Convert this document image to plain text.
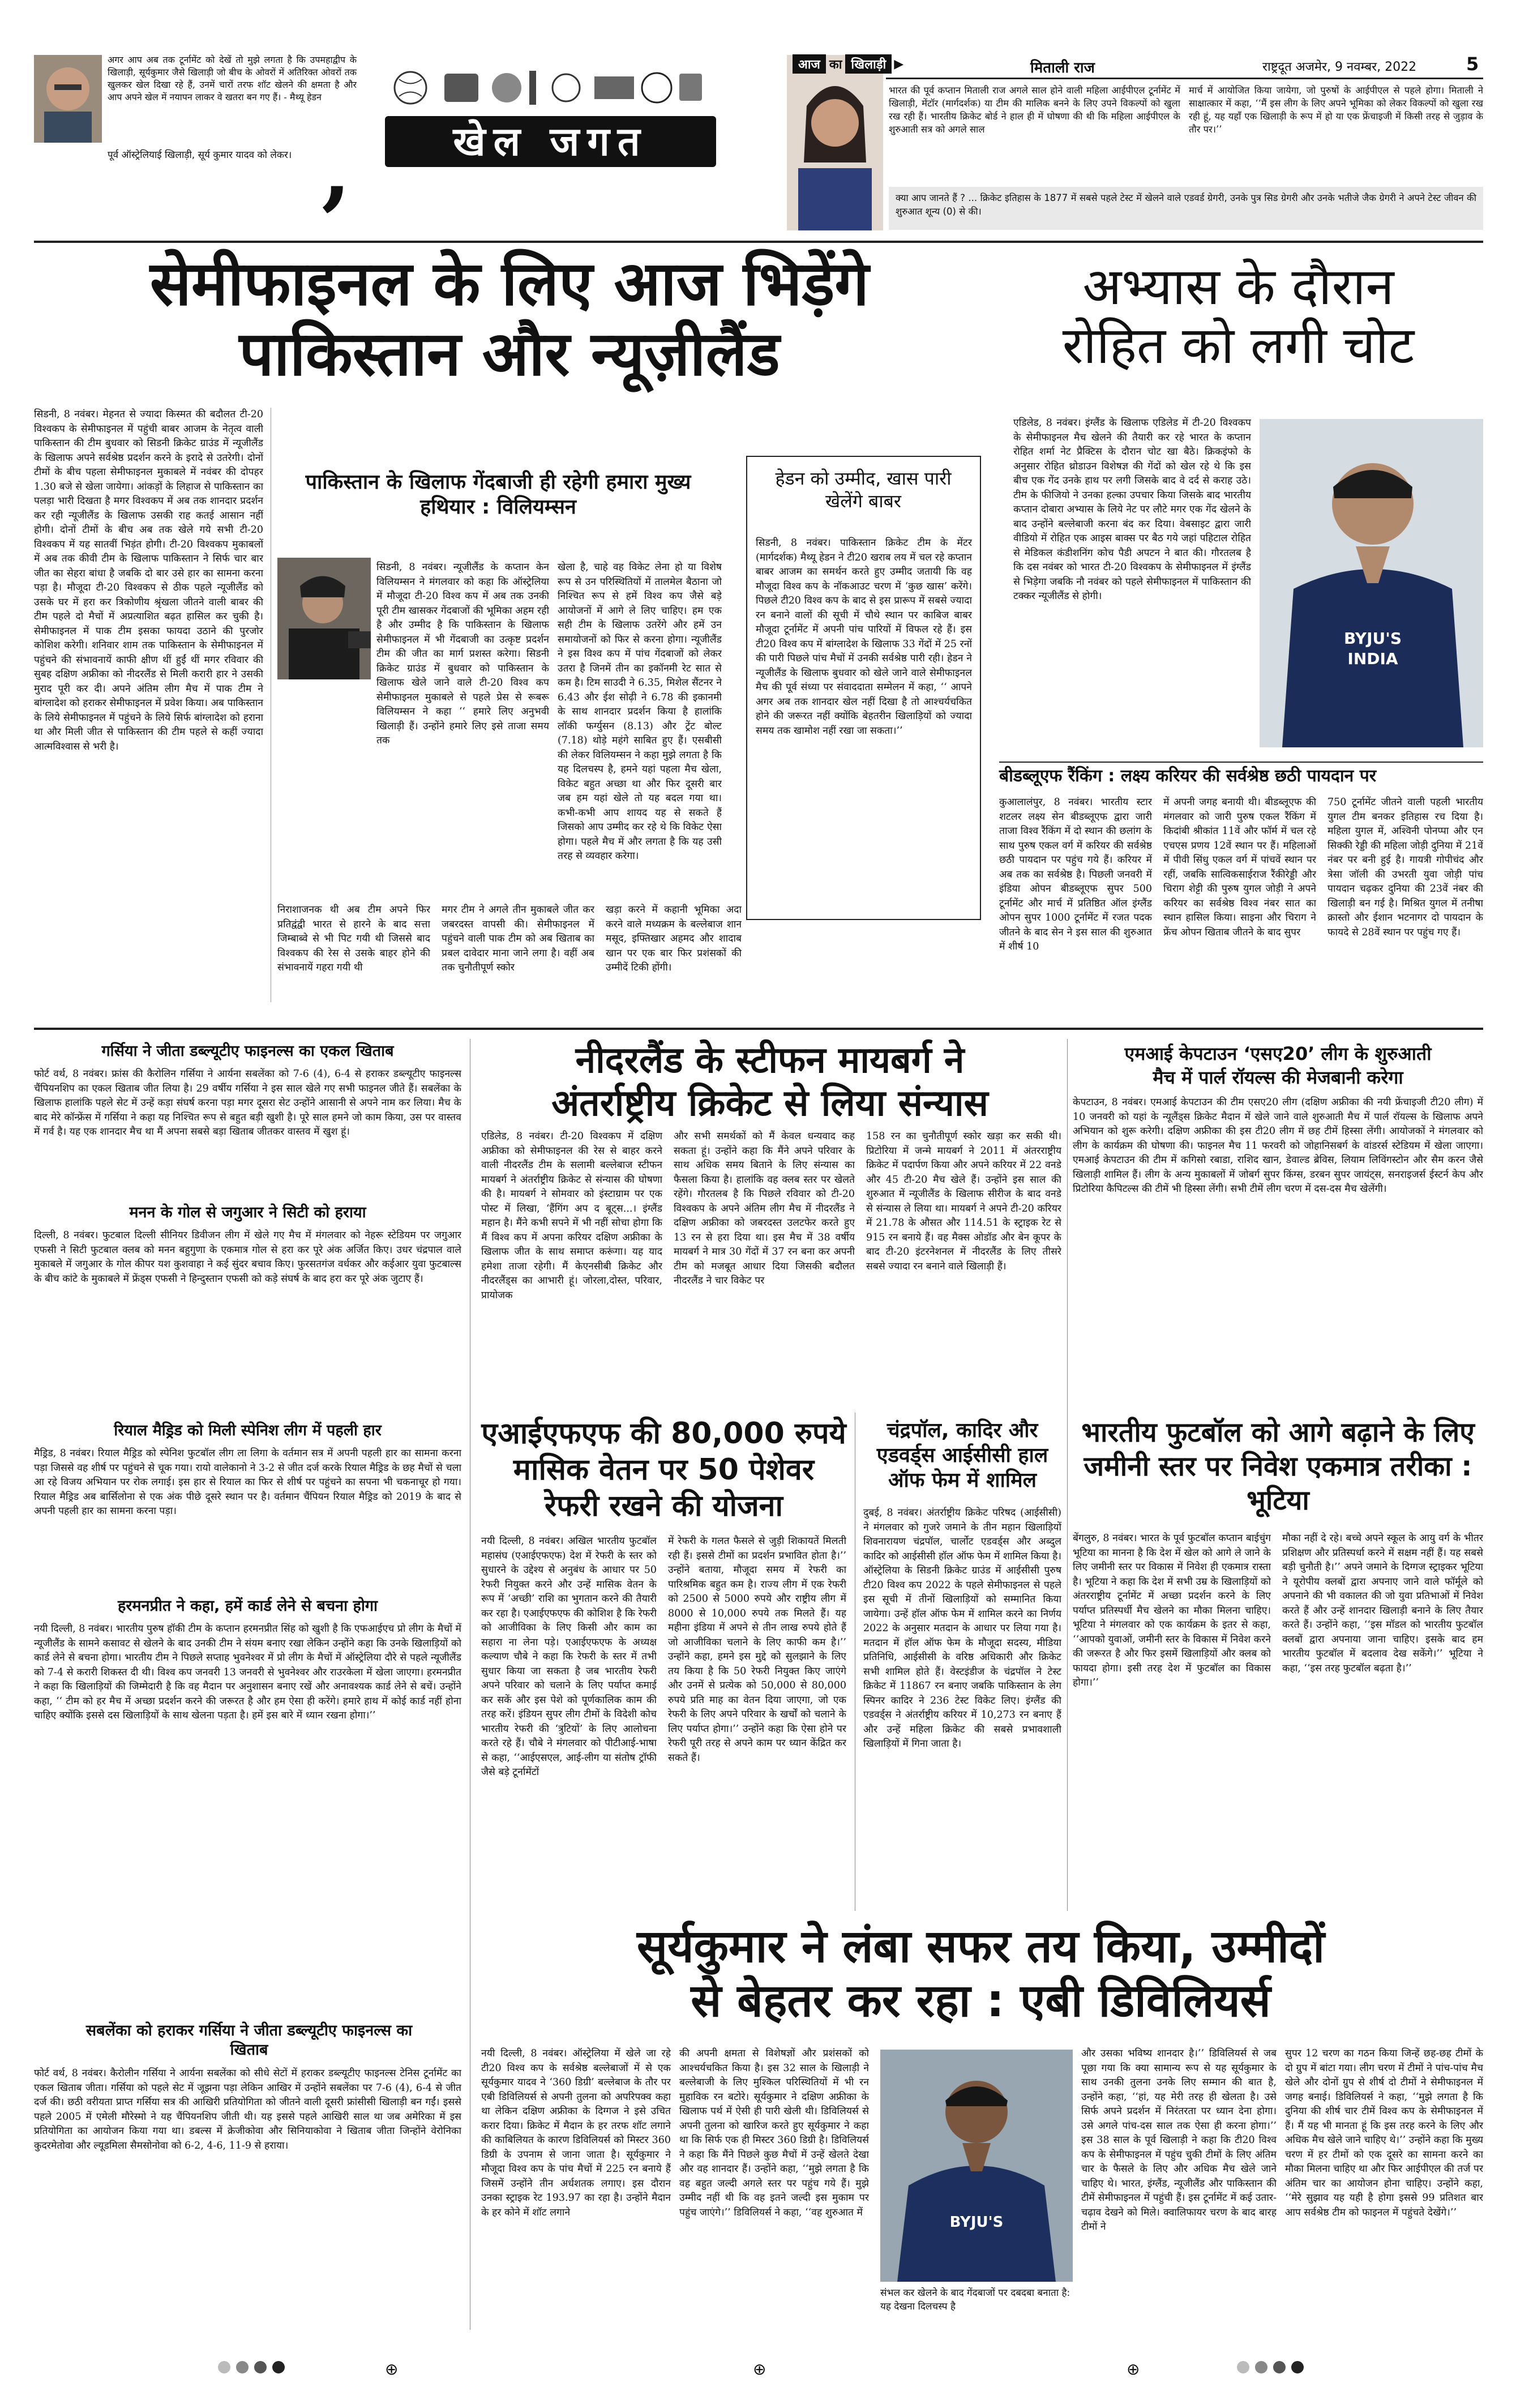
अगर आप अब तक टूर्नामेंट को देखें तो मुझे लगता है कि उपमहाद्वीप के खिलाड़ी, सूर्यकुमार जैसे खिलाड़ी जो बीच के ओवरों में अतिरिक्त ओवरों तक खुलकर खेल दिखा रहे हैं, उनमें चारों तरफ शॉट खेलने की क्षमता है और आप अपने खेल में नयापन लाकर वे खतरा बन गए हैं। - मैथ्यू हेडन
,
पूर्व ऑस्ट्रेलियाई खिलाड़ी, सूर्य कुमार यादव को लेकर।	खेल जगत
आज का खिलाड़ी ▶	मिताली राज	राष्ट्रदूत अजमेर, 9 नवम्बर, 2022	5
भारत की पूर्व कप्तान मिताली राज अगले साल होने वाली महिला आईपीएल टूर्नामेंट में खिलाड़ी, मेंटॉर (मार्गदर्शक) या टीम की मालिक बनने के लिए उपने विकल्पों को खुला रख रही हैं। भारतीय क्रिकेट बोर्ड ने हाल ही में घोषणा की थी कि महिला आईपीएल के शुरुआती सत्र को अगले साल
मार्च में आयोजित किया जायेगा, जो पुरुषों के आईपीएल से पहले होगा। मिताली ने साक्षात्कार में कहा, ‘‘मैं इस लीग के लिए अपने भूमिका को लेकर विकल्पों को खुला रख रही हूं, यह यहाँ एक खिलाड़ी के रूप में हो या एक फ्रेंचाइजी में किसी तरह से जुड़ाव के तौर पर।’’
क्या आप जानते हैं ? ... क्रिकेट इतिहास के 1877 में सबसे पहले टेस्ट में खेलने वाले एडवर्ड ग्रेगरी, उनके पुत्र सिड ग्रेगरी और उनके भतीजे जैक ग्रेगरी ने अपने टेस्ट जीवन की शुरुआत शून्य (0) से की।
सेमीफाइनल के लिए आज भिड़ेंगे
पाकिस्तान और न्यूज़ीलैंड
सिडनी, 8 नवंबर। मेहनत से ज्यादा किस्मत की बदौलत टी-20 विश्वकप के सेमीफाइनल में पहुंची बाबर आजम के नेतृत्व वाली पाकिस्तान की टीम बुधवार को सिडनी क्रिकेट ग्राउंड में न्यूजीलैंड के खिलाफ अपने सर्वश्रेष्ठ प्रदर्शन करने के इरादे से उतरेगी। दोनों टीमों के बीच पहला सेमीफाइनल मुकाबले में नवंबर की दोपहर 1.30 बजे से खेला जायेगा। आंकड़ों के लिहाज से पाकिस्तान का पलड़ा भारी दिखता है मगर विश्वकप में अब तक शानदार प्रदर्शन कर रही न्यूजीलैंड के खिलाफ उसकी राह कतई आसान नहीं होगी। दोनों टीमों के बीच अब तक खेले गये सभी टी-20 विश्वकप में यह सातवीं भिड़ंत होगी। टी-20 विश्वकप मुकाबलों में अब तक कीवी टीम के खिलाफ पाकिस्तान ने सिर्फ चार बार जीत का सेहरा बांधा है जबकि दो बार उसे हार का सामना करना पड़ा है। मौजूदा टी-20 विश्वकप से ठीक पहले न्यूजीलैंड को उसके घर में हरा कर त्रिकोणीय श्रृंखला जीतने वाली बाबर की टीम पहले दो मैचों में अप्रत्याशित बढ़त हासिल कर चुकी है। सेमीफाइनल में पाक टीम इसका फायदा उठाने की पुरजोर कोशिश करेगी। शनिवार शाम तक पाकिस्तान के सेमीफाइनल में पहुंचने की संभावनायें काफी क्षीण थीं हुईं थीं मगर रविवार की सुबह दक्षिण अफ्रीका को नीदरलैंड से मिली करारी हार ने उसकी मुराद पूरी कर दी। अपने अंतिम लीग मैच में पाक टीम ने बांग्लादेश को हराकर सेमीफाइनल में प्रवेश किया। अब पाकिस्तान के लिये सेमीफाइनल में पहुंचने के लिये सिर्फ बांग्लादेश को हराना था और मिली जीत से पाकिस्तान की टीम पहले से कहीं ज्यादा आत्मविश्वास से भरी है।
पाकिस्तान के खिलाफ गेंदबाजी ही रहेगी हमारा मुख्य हथियार : विलियम्सन
सिडनी, 8 नवंबर। न्यूजीलैंड के कप्तान केन विलियम्सन ने मंगलवार को कहा कि ऑस्ट्रेलिया में मौजूदा टी-20 विश्व कप में अब तक उनकी पूरी टीम खासकर गेंदबाजों की भूमिका अहम रही है और उम्मीद है कि पाकिस्तान के खिलाफ सेमीफाइनल में भी गेंदबाजी का उत्कृष्ट प्रदर्शन टीम की जीत का मार्ग प्रशस्त करेगा। सिडनी क्रिकेट ग्राउंड में बुधवार को पाकिस्तान के खिलाफ खेले जाने वाले टी-20 विश्व कप सेमीफाइनल मुकाबले से पहले प्रेस से रूबरू विलियम्सन ने कहा ‘‘ हमारे लिए अनुभवी खिलाड़ी हैं। उन्होंने हमारे लिए इसे ताजा समय तक
खेला है, चाहे वह विकेट लेना हो या विशेष रूप से उन परिस्थितियों में तालमेल बैठाना जो निश्चित रूप से हमें विश्व कप जैसे बड़े आयोजनों में आगे ले लिए चाहिए। हम एक सही टीम के खिलाफ उतरेंगे और हमें उन समायोजनों को फिर से करना होगा। न्यूजीलैंड ने इस विश्व कप में पांच गेंदबाजों को लेकर उतरा है जिनमें तीन का इकॉनमी रेट सात से कम है। टिम साउदी ने 6.35, मिशेल सैंटनर ने 6.43 और ईश सोढ़ी ने 6.78 की इकानमी के साथ शानदार प्रदर्शन किया है हालांकि लॉकी फर्ग्युसन (8.13) और ट्रेंट बोल्ट (7.18) थोड़े महंगे साबित हुए हैं। एसबीसी की लेकर विलियम्सन ने कहा मुझे लगता है कि यह दिलचस्प है, हमने यहां पहला मैच खेला, विकेट बहुत अच्छा था और फिर दूसरी बार जब हम यहां खेले तो यह बदल गया था। कभी-कभी आप शायद यह से सकते हैं जिसको आप उम्मीद कर रहे थे कि विकेट ऐसा होगा। पहले मैच में और लगता है कि यह उसी तरह से व्यवहार करेगा।
हेडन को उम्मीद, खास पारी खेलेंगे बाबर
सिडनी, 8 नवंबर। पाकिस्तान क्रिकेट टीम के मेंटर (मार्गदर्शक) मैथ्यू हेडन ने टी20 खराब लय में चल रहे कप्तान बाबर आजम का समर्थन करते हुए उम्मीद जतायी कि वह मौजूदा विश्व कप के नॉकआउट चरण में ‘कुछ खास’ करेंगे। पिछले टी20 विश्व कप के बाद से इस प्रारूप में सबसे ज्यादा रन बनाने वालों की सूची में चौथे स्थान पर काबिज बाबर मौजूदा टूर्नामेंट में अपनी पांच पारियों में विफल रहे हैं। इस टी20 विश्व कप में बांग्लादेश के खिलाफ 33 गेंदों में 25 रनों की पारी पिछले पांच मैचों में उनकी सर्वश्रेष्ठ पारी रही। हेडन ने न्यूजीलैंड के खिलाफ बुधवार को खेले जाने वाले सेमीफाइनल मैच की पूर्व संध्या पर संवाददाता सम्मेलन में कहा, ‘‘ आपने अगर अब तक शानदार खेल नहीं दिखा है तो आश्चर्यचकित होने की जरूरत नहीं क्योंकि बेहतरीन खिलाड़ियों को ज्यादा समय तक खामोश नहीं रखा जा सकता।’’
निराशाजनक थी अब टीम अपने फिर प्रतिद्वंद्वी भारत से हारने के बाद सत्ता जिम्बाब्वे से भी पिट गयी थी जिससे बाद विश्वकप की रेस से उसके बाहर होने की संभावनायें गहरा गयी थी
मगर टीम ने अगले तीन मुकाबले जीत कर जबरदस्त वापसी की। सेमीफाइनल में पहुंचने वाली पाक टीम को अब खिताब का प्रबल दावेदार माना जाने लगा है। वहीं अब तक चुनौतीपूर्ण स्कोर
खड़ा करने में कहानी भूमिका अदा करने वाले मध्यक्रम के बल्लेबाज शान मसूद, इफ्तिखार अहमद और शादाब खान पर एक बार फिर प्रशंसकों की उम्मीदें टिकी होंगी।
अभ्यास के दौरान
रोहित को लगी चोट
एडिलेड, 8 नवंबर। इंग्लैंड के खिलाफ एडिलेड में टी-20 विश्वकप के सेमीफाइनल मैच खेलने की तैयारी कर रहे भारत के कप्तान रोहित शर्मा नेट प्रैक्टिस के दौरान चोट खा बैठे। क्रिकइंफो के अनुसार रोहित थ्रोडाउन विशेषज्ञ की गेंदों को खेल रहे थे कि इस बीच एक गेंद उनके हाथ पर लगी जिसके बाद वे दर्द से कराह उठे। टीम के फीजियो ने उनका हल्का उपचार किया जिसके बाद भारतीय कप्तान दोबारा अभ्यास के लिये नेट पर लौटे मगर एक गेंद खेलने के बाद उन्होंने बल्लेबाजी करना बंद कर दिया। वेबसाइट द्वारा जारी वीडियो में रोहित एक आइस बाक्स पर बैठ गये जहां पहिटाल रोहित से मेडिकल कंडीशनिंग कोच पैडी अपटन ने बात की। गौरतलब है कि दस नवंबर को भारत टी-20 विश्वकप के सेमीफाइनल में इंग्लैंड से भिड़ेगा जबकि नौ नवंबर को पहले सेमीफाइनल में पाकिस्तान की टक्कर न्यूजीलैंड से होगी।
BYJU'S INDIA
बीडब्लूएफ रैंकिंग : लक्ष्य करियर की सर्वश्रेष्ठ छठी पायदान पर
कुआलालंपुर, 8 नवंबर। भारतीय स्टार शटलर लक्ष्य सेन बीडब्लूएफ द्वारा जारी ताजा विश्व रैंकिंग में दो स्थान की छलांग के साथ पुरुष एकल वर्ग में करियर की सर्वश्रेष्ठ छठी पायदान पर पहुंच गये हैं। करियर में अब तक का सर्वश्रेष्ठ है। पिछली जनवरी में इंडिया ओपन बीडब्लूएफ सुपर 500 टूर्नामेंट और मार्च में प्रतिष्ठित ऑल इंग्लैंड ओपन सुपर 1000 टूर्नामेंट में रजत पदक जीतने के बाद सेन ने इस साल की शुरुआत में शीर्ष 10
में अपनी जगह बनायी थी। बीडब्लूएफ की मंगलवार को जारी पुरुष एकल रैंकिंग में किदांबी श्रीकांत 11वें और फॉर्म में चल रहे एचएस प्रणय 12वें स्थान पर हैं। महिलाओं में पीवी सिंधु एकल वर्ग में पांचवें स्थान पर रहीं, जबकि सात्विकसाईराज रैंकीरेड्डी और चिराग शेट्टी की पुरुष युगल जोड़ी ने अपने करियर का सर्वश्रेष्ठ विश्व नंबर सात का स्थान हासिल किया। साइना और चिराग ने फ्रेंच ओपन खिताब जीतने के बाद सुपर
750 टूर्नामेंट जीतने वाली पहली भारतीय युगल टीम बनकर इतिहास रच दिया है। महिला युगल में, अश्विनी पोनप्पा और एन सिक्की रेड्डी की महिला जोड़ी दुनिया में 21वें नंबर पर बनी हुई है। गायत्री गोपीचंद और त्रेसा जॉली की उभरती युवा जोड़ी पांच पायदान चढ़कर दुनिया की 23वें नंबर की खिलाड़ी बन गई है। मिश्रित युगल में तनीषा क्रास्तो और ईशान भटनागर दो पायदान के फायदे से 28वें स्थान पर पहुंच गए हैं।
गर्सिया ने जीता डब्ल्यूटीए फाइनल्स का एकल खिताब
फोर्ट वर्थ, 8 नवंबर। फ्रांस की कैरोलिन गर्सिया ने आर्यना सबलेंका को 7-6 (4), 6-4 से हराकर डब्ल्यूटीए फाइनल्स चैंपियनशिप का एकल खिताब जीत लिया है। 29 वर्षीय गर्सिया ने इस साल खेले गए सभी फाइनल जीते हैं। सबलेंका के खिलाफ हालांकि पहले सेट में उन्हें कड़ा संघर्ष करना पड़ा मगर दूसरा सेट उन्होंने आसानी से अपने नाम कर लिया। मैच के बाद मेरे कॉन्फ्रेंस में गर्सिया ने कहा यह निश्चित रूप से बहुत बड़ी खुशी है। पूरे साल हमने जो काम किया, उस पर वास्तव में गर्व है। यह एक शानदार मैच था मैं अपना सबसे बड़ा खिताब जीतकर वास्तव में खुश हूं।
मनन के गोल से जगुआर ने सिटी को हराया
दिल्ली, 8 नवंबर। फुटबाल दिल्ली सीनियर डिवीजन लीग में खेले गए मैच में मंगलवार को नेहरू स्टेडियम पर जगुआर एफसी ने सिटी फुटबाल क्लब को मनन बहुगुणा के एकमात्र गोल से हरा कर पूरे अंक अर्जित किए। उधर चंद्रपाल वाले मुकाबले में जगुआर के गोल कीपर यश कुशवाहा ने कई सुंदर बचाव किए। फुरसतगंज वर्धकर और कईआर युवा फुटबाल्स के बीच कांटे के मुकाबले में फ्रेंड्स एफसी ने हिन्दुस्तान एफसी को कड़े संघर्ष के बाद हरा कर पूरे अंक जुटाए हैं।
रियाल मैड्रिड को मिली स्पेनिश लीग में पहली हार
मैड्रिड, 8 नवंबर। रियाल मैड्रिड को स्पेनिश फुटबॉल लीग ला लिगा के वर्तमान सत्र में अपनी पहली हार का सामना करना पड़ा जिससे वह शीर्ष पर पहुंचने से चूक गया। रायो वालेकानो ने 3-2 से जीत दर्ज करके रियाल मैड्रिड के छह मैचों से चला आ रहे विजय अभियान पर रोक लगाई। इस हार से रियाल का फिर से शीर्ष पर पहुंचने का सपना भी चकनाचूर हो गया। रियाल मैड्रिड अब बार्सिलोना से एक अंक पीछे दूसरे स्थान पर है। वर्तमान चैंपियन रियाल मैड्रिड को 2019 के बाद से अपनी पहली हार का सामना करना पड़ा।
हरमनप्रीत ने कहा, हमें कार्ड लेने से बचना होगा
नयी दिल्ली, 8 नवंबर। भारतीय पुरुष हॉकी टीम के कप्तान हरमनप्रीत सिंह को खुशी है कि एफआईएच प्रो लीग के मैचों में न्यूजीलैंड के सामने कसावट से खेलने के बाद उनकी टीम ने संयम बनाए रखा लेकिन उन्होंने कहा कि उनके खिलाड़ियों को कार्ड लेने से बचना होगा। भारतीय टीम ने पिछले सप्ताह भुवनेश्वर में प्रो लीग के मैचों में ऑस्ट्रेलिया दौरे से पहले न्यूजीलैंड को 7-4 से करारी शिकस्त दी थी। विश्व कप जनवरी 13 जनवरी से भुवनेश्वर और राउरकेला में खेला जाएगा। हरमनप्रीत ने कहा कि खिलाड़ियों की जिम्मेदारी है कि वह मैदान पर अनुशासन बनाए रखें और अनावश्यक कार्ड लेने से बचें। उन्होंने कहा, ‘‘ टीम को हर मैच में अच्छा प्रदर्शन करने की जरूरत है और हम ऐसा ही करेंगे। हमारे हाथ में कोई कार्ड नहीं होना चाहिए क्योंकि इससे दस खिलाड़ियों के साथ खेलना पड़ता है। हमें इस बारे में ध्यान रखना होगा।’’
सबलेंका को हराकर गर्सिया ने जीता डब्ल्यूटीए फाइनल्स का खिताब
फोर्ट वर्थ, 8 नवंबर। कैरोलीन गर्सिया ने आर्यना सबलेंका को सीधे सेटों में हराकर डब्ल्यूटीए फाइनल्स टेनिस टूर्नामेंट का एकल खिताब जीता। गर्सिया को पहले सेट में जूझना पड़ा लेकिन आखिर में उन्होंने सबलेंका पर 7-6 (4), 6-4 से जीत दर्ज की। छठी वरीयता प्राप्त गर्सिया सत्र की आखिरी प्रतियोगिता को जीतने वाली दूसरी फ्रांसीसी खिलाड़ी बन गईं। इससे पहले 2005 में एमेली मौरेस्मो ने यह चैंपियनशिप जीती थी। यह इससे पहले आखिरी साल था जब अमेरिका में इस प्रतियोगिता का आयोजन किया गया था। डबल्स में क्रेजीकोवा और सिनियाकोवा ने खिताब जीता जिन्होंने वेरोनिका कुदरमेतोवा और ल्यूडमिला सैमसोनोवा को 6-2, 4-6, 11-9 से हराया।
नीदरलैंड के स्टीफन मायबर्ग ने
अंतर्राष्ट्रीय क्रिकेट से लिया संन्यास
एडिलेड, 8 नवंबर। टी-20 विश्वकप में दक्षिण अफ्रीका को सेमीफाइनल की रेस से बाहर करने वाली नीदरलैंड टीम के सलामी बल्लेबाज स्टीफन मायबर्ग ने अंतर्राष्ट्रीय क्रिकेट से संन्यास की घोषणा की है। मायबर्ग ने सोमवार को इंस्टाग्राम पर एक पोस्ट में लिखा, ‘हैंगिंग अप द बूट्स...। इंग्लैंड महान है। मैंने कभी सपने में भी नहीं सोचा होगा कि मैं विश्व कप में अपना करियर दक्षिण अफ्रीका के खिलाफ जीत के साथ समाप्त करूंगा। यह याद हमेशा ताजा रहेगी। मैं केएनसीबी क्रिकेट और नीदरलैंड्स का आभारी हूं। जोरला,दोस्त, परिवार, प्रायोजक
और सभी समर्थकों को मैं केवल धन्यवाद कह सकता हूं। उन्होंने कहा कि मैंने अपने परिवार के साथ अधिक समय बिताने के लिए संन्यास का फैसला किया है। हालांकि वह क्लब स्तर पर खेलते रहेंगे। गौरतलब है कि पिछले रविवार को टी-20 विश्वकप के अपने अंतिम लीग मैच में नीदरलैंड ने दक्षिण अफ्रीका को जबरदस्त उलटफेर करते हुए 13 रन से हरा दिया था। इस मैच में 38 वर्षीय मायबर्ग ने मात्र 30 गेंदों में 37 रन बना कर अपनी टीम को मजबूत आधार दिया जिसकी बदौलत नीदरलैंड ने चार विकेट पर
158 रन का चुनौतीपूर्ण स्कोर खड़ा कर सकी थी। प्रिटोरिया में जन्मे मायबर्ग ने 2011 में अंतरराष्ट्रीय क्रिकेट में पदार्पण किया और अपने करियर में 22 वनडे और 45 टी-20 मैच खेले हैं। उन्होंने इस साल की शुरुआत में न्यूजीलैंड के खिलाफ सीरीज के बाद वनडे से संन्यास ले लिया था। मायबर्ग ने अपने टी-20 करियर में 21.78 के औसत और 114.51 के स्ट्राइक रेट से 915 रन बनाये हैं। वह मैक्स ओडॉड और बेन कूपर के बाद टी-20 इंटरनेशनल में नीदरलैंड के लिए तीसरे सबसे ज्यादा रन बनाने वाले खिलाड़ी हैं।
एआईएफएफ की 80,000 रुपये मासिक वेतन पर 50 पेशेवर रेफरी रखने की योजना
नयी दिल्ली, 8 नवंबर। अखिल भारतीय फुटबॉल महासंघ (एआईएफएफ) देश में रेफरी के स्तर को सुधारने के उद्देश्य से अनुबंध के आधार पर 50 रेफरी नियुक्त करने और उन्हें मासिक वेतन के रूप में ‘अच्छी’ राशि का भुगतान करने की तैयारी कर रहा है। एआईएफएफ की कोशिश है कि रेफरी को आजीविका के लिए किसी और काम का सहारा ना लेना पड़े। एआईएफएफ के अध्यक्ष कल्याण चौबे ने कहा कि रेफरी के स्तर में तभी सुधार किया जा सकता है जब भारतीय रेफरी अपने परिवार को चलाने के लिए पर्याप्त कमाई कर सकें और इस पेशे को पूर्णकालिक काम की तरह करें। इंडियन सुपर लीग टीमों के विदेशी कोच भारतीय रेफरी की ‘त्रुटियों’ के लिए आलोचना करते रहे हैं। चौबे ने मंगलवार को पीटीआई-भाषा से कहा, ‘‘आईएसएल, आई-लीग या संतोष ट्रॉफी जैसे बड़े टूर्नामेंटों
में रेफरी के गलत फैसले से जुड़ी शिकायतें मिलती रही हैं। इससे टीमों का प्रदर्शन प्रभावित होता है।’’ उन्होंने बताया, मौजूदा समय में रेफरी का पारिश्रमिक बहुत कम है। राज्य लीग में एक रेफरी को 2500 से 5000 रुपये और राष्ट्रीय लीग में 8000 से 10,000 रुपये तक मिलते हैं। यह महीना इंडिया में अपने से तीन लाख रुपये होते हैं जो आजीविका चलाने के लिए काफी कम है।’’ उन्होंने कहा, हमने इस मुद्दे को सुलझाने के लिए तय किया है कि 50 रेफरी नियुक्त किए जाएंगे और उनमें से प्रत्येक को 50,000 से 80,000 रुपये प्रति माह का वेतन दिया जाएगा, जो एक रेफरी के लिए अपने परिवार के खर्चों को चलाने के लिए पर्याप्त होगा।’’ उन्होंने कहा कि ऐसा होने पर रेफरी पूरी तरह से अपने काम पर ध्यान केंद्रित कर सकते हैं।
चंद्रपॉल, कादिर और एडवर्ड्स आईसीसी हाल ऑफ फेम में शामिल
दुबई, 8 नवंबर। अंतर्राष्ट्रीय क्रिकेट परिषद (आईसीसी) ने मंगलवार को गुजरे जमाने के तीन महान खिलाड़ियों शिवनारायण चंद्रपॉल, चार्लोट एडवर्ड्स और अब्दुल कादिर को आईसीसी हॉल ऑफ फेम में शामिल किया है। ऑस्ट्रेलिया के सिडनी क्रिकेट ग्राउंड में आईसीसी पुरुष टी20 विश्व कप 2022 के पहले सेमीफाइनल से पहले इस सूची में तीनों खिलाड़ियों को सम्मानित किया जायेगा। उन्हें हॉल ऑफ फेम में शामिल करने का निर्णय 2022 के अनुसार मतदान के आधार पर लिया गया है। मतदान में हॉल ऑफ फेम के मौजूदा सदस्य, मीडिया प्रतिनिधि, आईसीसी के वरिष्ठ अधिकारी और क्रिकेट सभी शामिल होते हैं। वेस्टइंडीज के चंद्रपॉल ने टेस्ट क्रिकेट में 11867 रन बनाए जबकि पाकिस्तान के लेग स्पिनर कादिर ने 236 टेस्ट विकेट लिए। इंग्लैंड की एडवर्ड्स ने अंतर्राष्ट्रीय करियर में 10,273 रन बनाए हैं और उन्हें महिला क्रिकेट की सबसे प्रभावशाली खिलाड़ियों में गिना जाता है।
एमआई केपटाउन ‘एसए20’ लीग के शुरुआती
मैच में पार्ल रॉयल्स की मेजबानी करेगा
केपटाउन, 8 नवंबर। एमआई केपटाउन की टीम एसए20 लीग (दक्षिण अफ्रीका की नयी फ्रेंचाइजी टी20 लीग) में 10 जनवरी को यहां के न्यूलैंड्स क्रिकेट मैदान में खेले जाने वाले शुरुआती मैच में पार्ल रॉयल्स के खिलाफ अपने अभियान को शुरू करेगी। दक्षिण अफ्रीका की इस टी20 लीग में छह टीमें हिस्सा लेंगी। आयोजकों ने मंगलवार को लीग के कार्यक्रम की घोषणा की। फाइनल मैच 11 फरवरी को जोहानिसबर्ग के वांडरर्स स्टेडियम में खेला जाएगा। एमआई केपटाउन की टीम में कगिसो रबाडा, राशिद खान, डेवाल्ड ब्रेविस, लियाम लिविंगस्टोन और सैम करन जैसे खिलाड़ी शामिल हैं। लीग के अन्य मुकाबलों में जोबर्ग सुपर किंग्स, डरबन सुपर जायंट्स, सनराइजर्स ईस्टर्न केप और प्रिटोरिया कैपिटल्स की टीमें भी हिस्सा लेंगी। सभी टीमें लीग चरण में दस-दस मैच खेलेंगी।
भारतीय फुटबॉल को आगे बढ़ाने के लिए जमीनी स्तर पर निवेश एकमात्र तरीका : भूटिया
बेंगलुरु, 8 नवंबर। भारत के पूर्व फुटबॉल कप्तान बाईचुंग भूटिया का मानना है कि देश में खेल को आगे ले जाने के लिए जमीनी स्तर पर विकास में निवेश ही एकमात्र रास्ता है। भूटिया ने कहा कि देश में सभी उम्र के खिलाड़ियों को अंतरराष्ट्रीय टूर्नामेंट में अच्छा प्रदर्शन करने के लिए पर्याप्त प्रतिस्पर्धी मैच खेलने का मौका मिलना चाहिए। भूटिया ने मंगलवार को एक कार्यक्रम के इतर से कहा, ‘‘आपको युवाओं, जमीनी स्तर के विकास में निवेश करने की जरूरत है और फिर इसमें खिलाड़ियों और क्लब को फायदा होगा। इसी तरह देश में फुटबॉल का विकास होगा।’’
मौका नहीं दे रहे। बच्चे अपने स्कूल के आयु वर्ग के भीतर प्रशिक्षण और प्रतिस्पर्धा करने में सक्षम नहीं हैं। यह सबसे बड़ी चुनौती है।’’ अपने जमाने के दिग्गज स्ट्राइकर भूटिया ने यूरोपीय क्लबों द्वारा अपनाए जाने वाले फॉर्मूले को अपनाने की भी वकालत की जो युवा प्रतिभाओं में निवेश करते हैं और उन्हें शानदार खिलाड़ी बनाने के लिए तैयार करते हैं। उन्होंने कहा, ‘‘इस मॉडल को भारतीय फुटबॉल क्लबों द्वारा अपनाया जाना चाहिए। इसके बाद हम भारतीय फुटबॉल में बदलाव देख सकेंगे।’’ भूटिया ने कहा, ‘‘इस तरह फुटबॉल बढ़ता है।’’
सूर्यकुमार ने लंबा सफर तय किया, उम्मीदों
से बेहतर कर रहा : एबी डिविलियर्स
नयी दिल्ली, 8 नवंबर। ऑस्ट्रेलिया में खेले जा रहे टी20 विश्व कप के सर्वश्रेष्ठ बल्लेबाजों में से एक सूर्यकुमार यादव ने ‘360 डिग्री’ बल्लेबाज के तौर पर एबी डिविलियर्स से अपनी तुलना को अपरिपक्व कहा था लेकिन दक्षिण अफ्रीका के दिग्गज ने इसे उचित करार दिया। क्रिकेट में मैदान के हर तरफ शॉट लगाने की काबिलियत के कारण डिविलियर्स को मिस्टर 360 डिग्री के उपनाम से जाना जाता है। सूर्यकुमार ने मौजूदा विश्व कप के पांच मैचों में 225 रन बनाये हैं जिसमें उन्होंने तीन अर्धशतक लगाए। इस दौरान उनका स्ट्राइक रेट 193.97 का रहा है। उन्होंने मैदान के हर कोने में शॉट लगाने
की अपनी क्षमता से विशेषज्ञों और प्रशंसकों को आश्चर्यचकित किया है। इस 32 साल के खिलाड़ी ने बल्लेबाजी के लिए मुश्किल परिस्थितियों में भी रन मुहाविक रन बटोरे। सूर्यकुमार ने दक्षिण अफ्रीका के खिलाफ पर्थ में ऐसी ही पारी खेली थी। डिविलियर्स से अपनी तुलना को खारिज करते हुए सूर्यकुमार ने कहा था कि सिर्फ एक ही मिस्टर 360 डिग्री है। डिविलियर्स ने कहा कि मैंने पिछले कुछ मैचों में उन्हें खेलते देखा और वह शानदार हैं। उन्होंने कहा, ‘‘मुझे लगता है कि वह बहुत जल्दी अगले स्तर पर पहुंच गये हैं। मुझे उम्मीद नहीं थी कि वह इतने जल्दी इस मुकाम पर पहुंच जाएंगे।’’ डिविलियर्स ने कहा, ‘‘वह शुरुआत में
BYJU'S
संभल कर खेलने के बाद गेंदबाजों पर दबदबा बनाता है: यह देखना दिलचस्प है
और उसका भविष्य शानदार है।’’ डिविलियर्स से जब पूछा गया कि क्या सामान्य रूप से यह सूर्यकुमार के साथ उनकी तुलना उनके लिए सम्मान की बात है, उन्होंने कहा, ‘‘हां, यह मेरी तरह ही खेलता है। उसे सिर्फ अपने प्रदर्शन में निरंतरता पर ध्यान देना होगा। उसे अगले पांच-दस साल तक ऐसा ही करना होगा।’’ इस 38 साल के पूर्व खिलाड़ी ने कहा कि टी20 विश्व कप के सेमीफाइनल में पहुंच चुकी टीमों के लिए अंतिम चार के फैसले के लिए और अधिक मैच खेले जाने चाहिए थे। भारत, इंग्लैंड, न्यूजीलैंड और पाकिस्तान की टीमें सेमीफाइनल में पहुंची हैं। इस टूर्नामेंट में कई उतार-चढ़ाव देखने को मिले। क्वालिफायर चरण के बाद बारह टीमों ने
सुपर 12 चरण का गठन किया जिन्हें छह-छह टीमों के दो ग्रुप में बांटा गया। लीग चरण में टीमों ने पांच-पांच मैच खेले और दोनों ग्रुप से शीर्ष दो टीमों ने सेमीफाइनल में जगह बनाई। डिविलियर्स ने कहा, ‘‘मुझे लगता है कि दुनिया की शीर्ष चार टीमें विश्व कप के सेमीफाइनल में हैं। मैं यह भी मानता हूं कि इस तरह करने के लिए और अधिक मैच खेले जाने चाहिए थे।’’ उन्होंने कहा कि मुख्य चरण में हर टीमों को एक दूसरे का सामना करने का मौका मिलना चाहिए था और फिर आईपीएल की तर्ज पर अंतिम चार का आयोजन होना चाहिए। उन्होंने कहा, ‘‘मेरे सुझाव यह यही है होगा इससे 99 प्रतिशत बार आप सर्वश्रेष्ठ टीम को फाइनल में पहुंचते देखेंगे।’’
⊕	⊕	⊕
